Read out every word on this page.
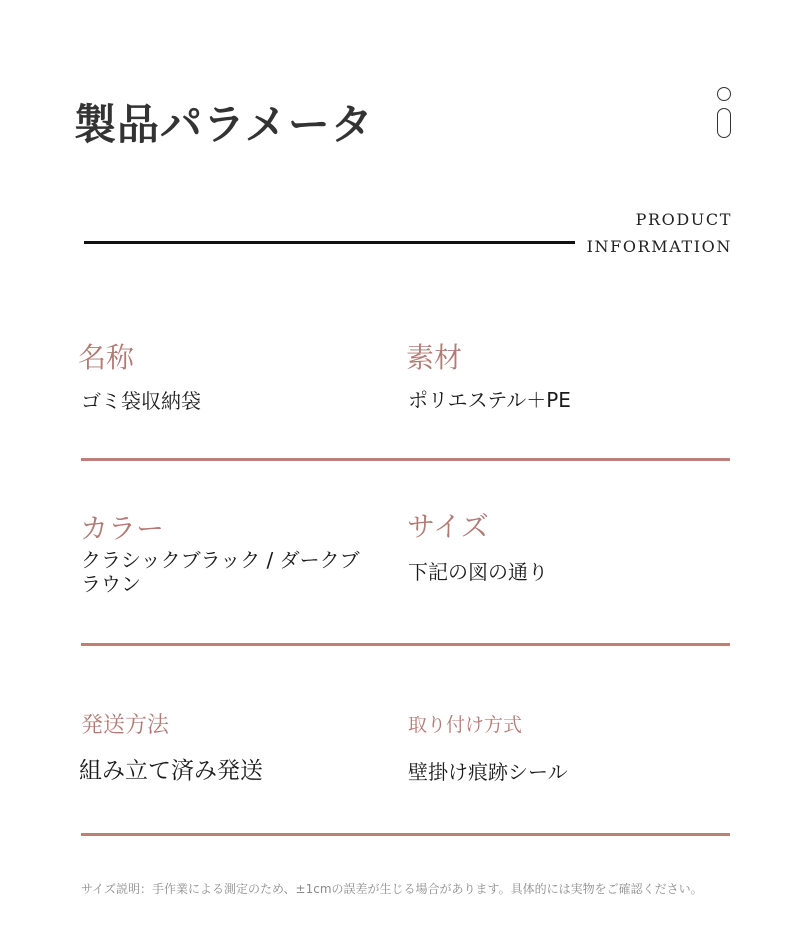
製品パラメータ
PRODUCT
INFORMATION
名称
ゴミ袋収納袋
素材
ポリエステル＋PE
カラー
クラシックブラック / ダークブ
ラウン
サイズ
下記の図の通り
発送方法
組み立て済み発送
取り付け方式
壁掛け痕跡シール
サイズ説明：手作業による測定のため、±1cmの誤差が生じる場合があります。具体的には実物をご確認ください。
